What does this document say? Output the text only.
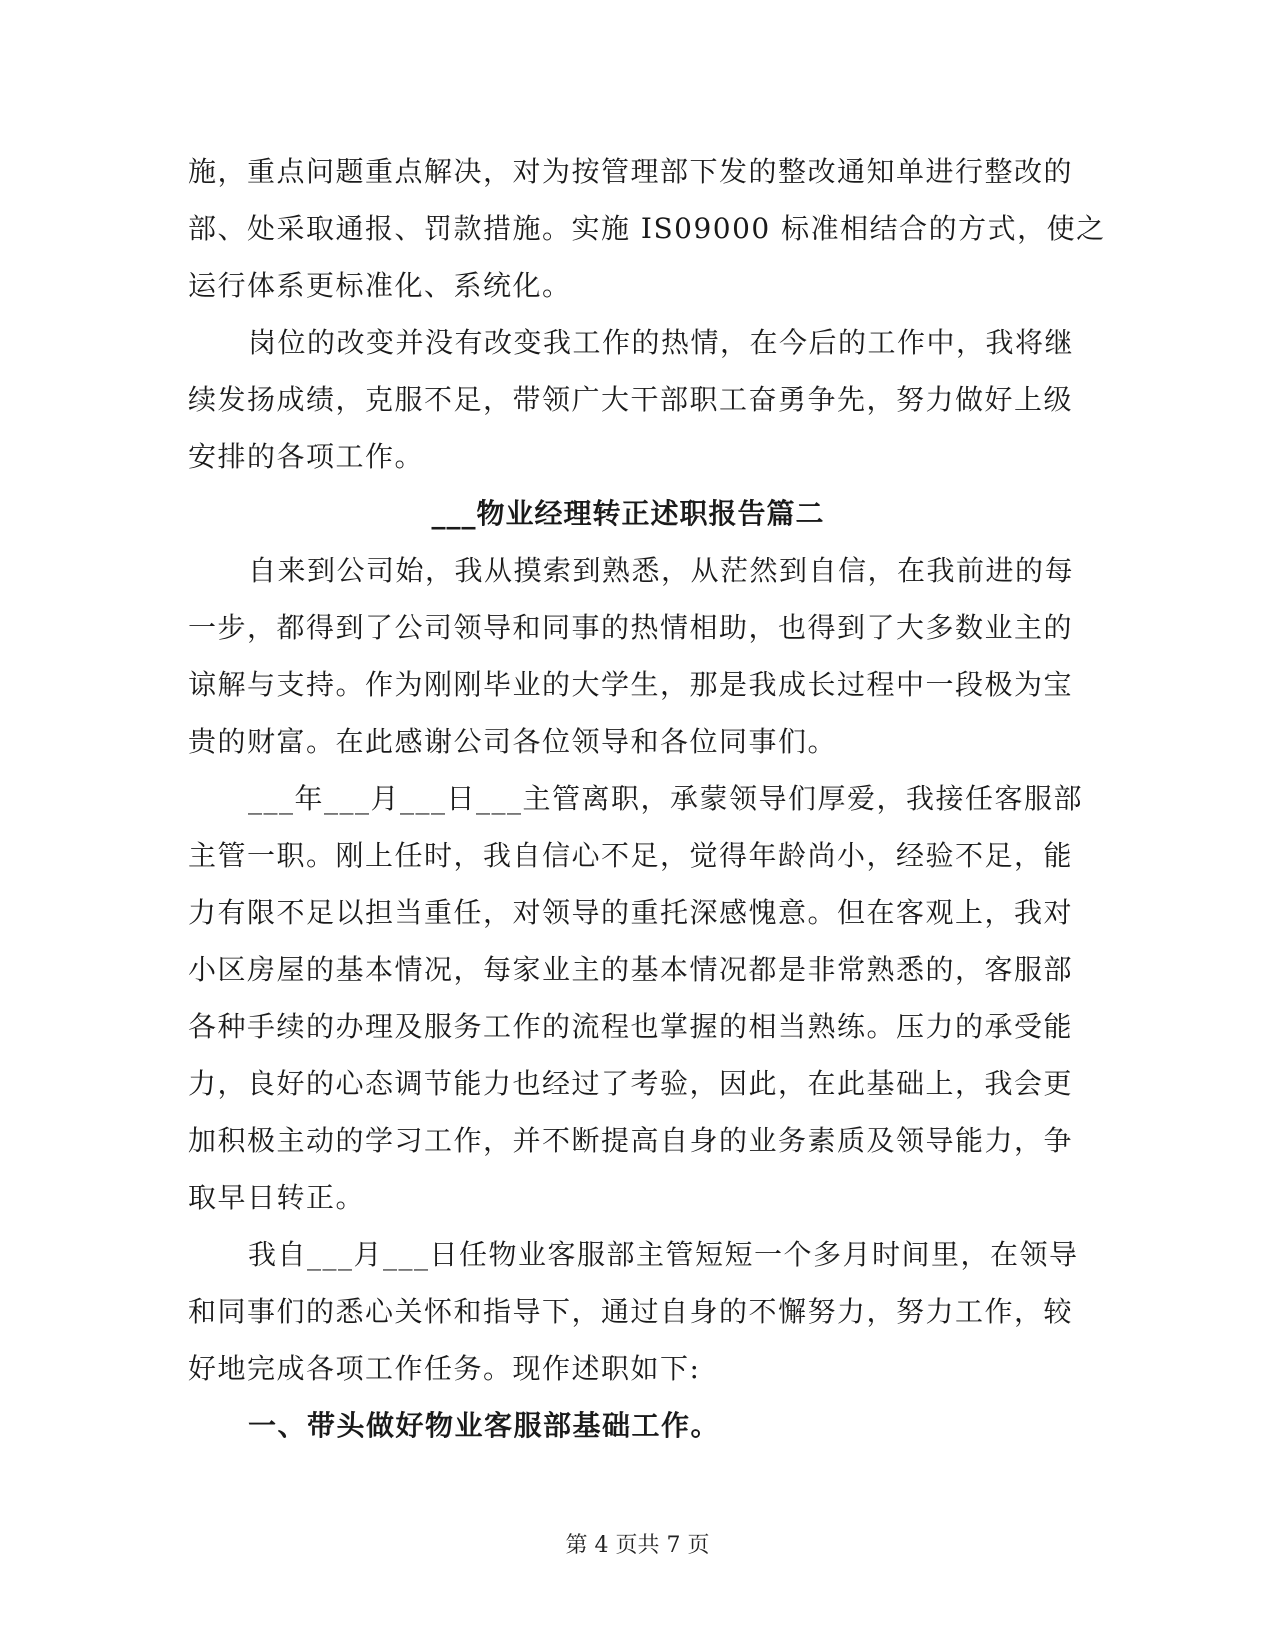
施，重点问题重点解决，对为按管理部下发的整改通知单进行整改的
部、处采取通报、罚款措施。实施 IS09000 标准相结合的方式，使之
运行体系更标准化、系统化。
岗位的改变并没有改变我工作的热情，在今后的工作中，我将继
续发扬成绩，克服不足，带领广大干部职工奋勇争先，努力做好上级
安排的各项工作。
___物业经理转正述职报告篇二
自来到公司始，我从摸索到熟悉，从茫然到自信，在我前进的每
一步，都得到了公司领导和同事的热情相助，也得到了大多数业主的
谅解与支持。作为刚刚毕业的大学生，那是我成长过程中一段极为宝
贵的财富。在此感谢公司各位领导和各位同事们。
___年___月___日___主管离职，承蒙领导们厚爱，我接任客服部
主管一职。刚上任时，我自信心不足，觉得年龄尚小，经验不足，能
力有限不足以担当重任，对领导的重托深感愧意。但在客观上，我对
小区房屋的基本情况，每家业主的基本情况都是非常熟悉的，客服部
各种手续的办理及服务工作的流程也掌握的相当熟练。压力的承受能
力，良好的心态调节能力也经过了考验，因此，在此基础上，我会更
加积极主动的学习工作，并不断提高自身的业务素质及领导能力，争
取早日转正。
我自___月___日任物业客服部主管短短一个多月时间里，在领导
和同事们的悉心关怀和指导下，通过自身的不懈努力，努力工作，较
好地完成各项工作任务。现作述职如下:
一、带头做好物业客服部基础工作。
第 4 页共 7 页
